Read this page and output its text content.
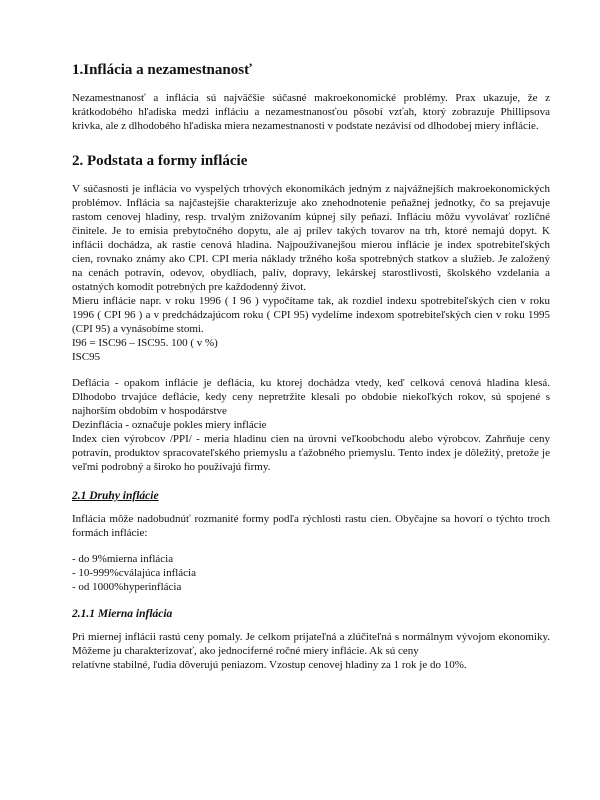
1.Inflácia a nezamestnanosť

Nezamestnanosť a inflácia sú najväčšie súčasné makroekonomické problémy. Prax ukazuje, že z krátkodobého hľadiska medzi infláciu a nezamestnanosťou pôsobí vzťah, ktorý zobrazuje Phillipsova krivka, ale z dlhodobého hľadiska miera nezamestnanosti v podstate nezávisí od dlhodobej miery inflácie.

2. Podstata a formy inflácie

V súčasnosti je inflácia vo vyspelých trhových ekonomikách jedným z najvážnejších makroekonomických problémov. Inflácia sa najčastejšie charakterizuje ako znehodnotenie peňažnej jednotky, čo sa prejavuje rastom cenovej hladiny, resp. trvalým znižovaním kúpnej sily peňazí. Infláciu môžu vyvolávať rozličné činitele. Je to emisia prebytočného dopytu, ale aj prílev takých tovarov na trh, ktoré nemajú dopyt. K inflácii dochádza, ak rastie cenová hladina. Najpoužívanejšou mierou inflácie je index spotrebiteľských cien, rovnako známy ako CPI. CPI meria náklady tržného koša spotrebných statkov a služieb. Je založený na cenách potravín, odevov, obydliach, palív, dopravy, lekárskej starostlivosti, školského vzdelania a ostatných komodít potrebných pre každodenný život.

Mieru inflácie napr. v roku 1996 ( I 96 ) vypočítame tak, ak rozdiel indexu spotrebiteľských cien v roku 1996 ( CPI 96 ) a v predchádzajúcom roku ( CPI 95) vydelíme indexom spotrebiteľských cien v roku 1995 (CPI 95) a vynásobíme stomi.

I96 = ISC96 – ISC95. 100 ( v %)

ISC95

Deflácia - opakom inflácie je deflácia, ku ktorej dochádza vtedy, keď celková cenová hladina klesá. Dlhodobo trvajúce deflácie, kedy ceny nepretržite klesali po obdobie niekoľkých rokov, sú spojené s najhorším obdobím v hospodárstve

Dezinflácia - označuje pokles miery inflácie

Index cien výrobcov /PPI/ - meria hladinu cien na úrovni veľkoobchodu alebo výrobcov. Zahrňuje ceny potravín, produktov spracovateľského priemyslu a ťažobného priemyslu. Tento index je dôležitý, pretože je veľmi podrobný a široko ho používajú firmy.

2.1 Druhy inflácie

Inflácia môže nadobudnúť rozmanité formy podľa rýchlosti rastu cien. Obyčajne sa hovorí o týchto troch formách inflácie:

- do 9%mierna inflácia
- 10-999%cválajúca inflácia
- od 1000%hyperinflácia
2.1.1 Mierna inflácia

Pri miernej inflácii rastú ceny pomaly. Je celkom prijateľná a zlúčiteľná s normálnym vývojom ekonomiky. Môžeme ju charakterizovať, ako jednociferné ročné miery inflácie. Ak sú ceny

relatívne stabilné, ľudia dôverujú peniazom. Vzostup cenovej hladiny za 1 rok je do 10%.
